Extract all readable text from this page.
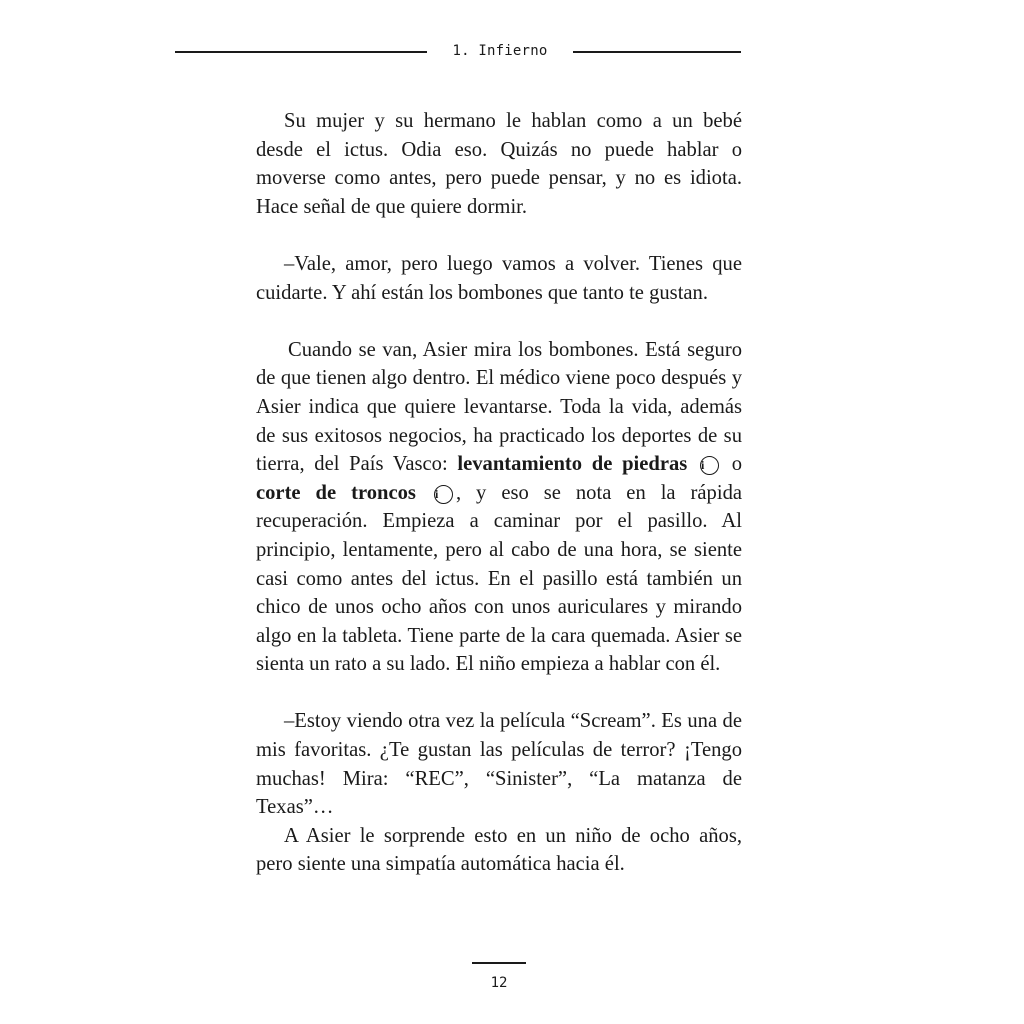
1. Infierno

Su mujer y su hermano le hablan como a un bebé desde el ictus. Odia eso. Quizás no puede hablar o moverse como antes, pero puede pensar, y no es idiota. Hace señal de que quiere dormir.

–Vale, amor, pero luego vamos a volver. Tienes que cuidarte. Y ahí están los bombones que tanto te gustan.

Cuando se van, Asier mira los bombones. Está seguro de que tienen algo dentro. El médico viene poco después y Asier indica que quiere levantarse. Toda la vida, además de sus exitosos negocios, ha practicado los deportes de su tierra, del País Vasco: levantamiento de piedras i o corte de troncos i , y eso se nota en la rápida recuperación. Empieza a caminar por el pasillo. Al principio, lentamente, pero al cabo de una hora, se siente casi como antes del ictus. En el pasillo está también un chico de unos ocho años con unos auriculares y mirando algo en la tableta. Tiene parte de la cara quemada. Asier se sienta un rato a su lado. El niño empieza a hablar con él.

–Estoy viendo otra vez la película “Scream”. Es una de mis favoritas. ¿Te gustan las películas de terror? ¡Tengo muchas! Mira: “REC”, “Sinister”, “La matanza de Texas”…

A Asier le sorprende esto en un niño de ocho años, pero siente una simpatía automática hacia él.

12
